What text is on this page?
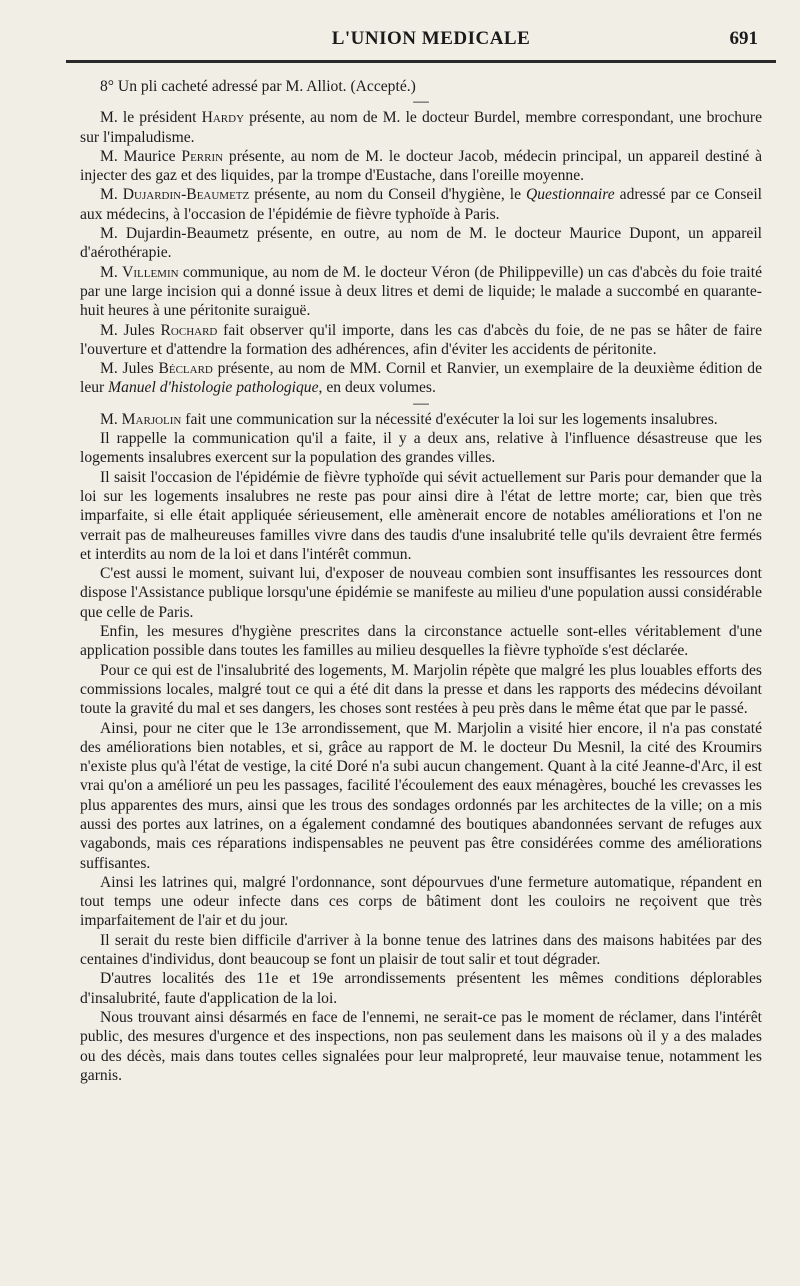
L'UNION MEDICALE	691

8° Un pli cacheté adressé par M. Alliot. (Accepté.)

—

M. le président Hardy présente, au nom de M. le docteur Burdel, membre correspondant, une brochure sur l'impaludisme.

M. Maurice Perrin présente, au nom de M. le docteur Jacob, médecin principal, un appareil destiné à injecter des gaz et des liquides, par la trompe d'Eustache, dans l'oreille moyenne.

M. Dujardin-Beaumetz présente, au nom du Conseil d'hygiène, le Questionnaire adressé par ce Conseil aux médecins, à l'occasion de l'épidémie de fièvre typhoïde à Paris.

M. Dujardin-Beaumetz présente, en outre, au nom de M. le docteur Maurice Dupont, un appareil d'aérothérapie.

M. Villemin communique, au nom de M. le docteur Véron (de Philippeville) un cas d'abcès du foie traité par une large incision qui a donné issue à deux litres et demi de liquide; le malade a succombé en quarante-huit heures à une péritonite suraiguë.

M. Jules Rochard fait observer qu'il importe, dans les cas d'abcès du foie, de ne pas se hâter de faire l'ouverture et d'attendre la formation des adhérences, afin d'éviter les accidents de péritonite.

M. Jules Béclard présente, au nom de MM. Cornil et Ranvier, un exemplaire de la deuxième édition de leur Manuel d'histologie pathologique, en deux volumes.

—

M. Marjolin fait une communication sur la nécessité d'exécuter la loi sur les logements insalubres.

Il rappelle la communication qu'il a faite, il y a deux ans, relative à l'influence désastreuse que les logements insalubres exercent sur la population des grandes villes.

Il saisit l'occasion de l'épidémie de fièvre typhoïde qui sévit actuellement sur Paris pour demander que la loi sur les logements insalubres ne reste pas pour ainsi dire à l'état de lettre morte; car, bien que très imparfaite, si elle était appliquée sérieusement, elle amènerait encore de notables améliorations et l'on ne verrait pas de malheureuses familles vivre dans des taudis d'une insalubrité telle qu'ils devraient être fermés et interdits au nom de la loi et dans l'intérêt commun.

C'est aussi le moment, suivant lui, d'exposer de nouveau combien sont insuffisantes les ressources dont dispose l'Assistance publique lorsqu'une épidémie se manifeste au milieu d'une population aussi considérable que celle de Paris.

Enfin, les mesures d'hygiène prescrites dans la circonstance actuelle sont-elles véritablement d'une application possible dans toutes les familles au milieu desquelles la fièvre typhoïde s'est déclarée.

Pour ce qui est de l'insalubrité des logements, M. Marjolin répète que malgré les plus louables efforts des commissions locales, malgré tout ce qui a été dit dans la presse et dans les rapports des médecins dévoilant toute la gravité du mal et ses dangers, les choses sont restées à peu près dans le même état que par le passé.

Ainsi, pour ne citer que le 13e arrondissement, que M. Marjolin a visité hier encore, il n'a pas constaté des améliorations bien notables, et si, grâce au rapport de M. le docteur Du Mesnil, la cité des Kroumirs n'existe plus qu'à l'état de vestige, la cité Doré n'a subi aucun changement. Quant à la cité Jeanne-d'Arc, il est vrai qu'on a amélioré un peu les passages, facilité l'écoulement des eaux ménagères, bouché les crevasses les plus apparentes des murs, ainsi que les trous des sondages ordonnés par les architectes de la ville; on a mis aussi des portes aux latrines, on a également condamné des boutiques abandonnées servant de refuges aux vagabonds, mais ces réparations indispensables ne peuvent pas être considérées comme des améliorations suffisantes.

Ainsi les latrines qui, malgré l'ordonnance, sont dépourvues d'une fermeture automatique, répandent en tout temps une odeur infecte dans ces corps de bâtiment dont les couloirs ne reçoivent que très imparfaitement de l'air et du jour.

Il serait du reste bien difficile d'arriver à la bonne tenue des latrines dans des maisons habitées par des centaines d'individus, dont beaucoup se font un plaisir de tout salir et tout dégrader.

D'autres localités des 11e et 19e arrondissements présentent les mêmes conditions déplorables d'insalubrité, faute d'application de la loi.

Nous trouvant ainsi désarmés en face de l'ennemi, ne serait-ce pas le moment de réclamer, dans l'intérêt public, des mesures d'urgence et des inspections, non pas seulement dans les maisons où il y a des malades ou des décès, mais dans toutes celles signalées pour leur malpropreté, leur mauvaise tenue, notamment les garnis.
